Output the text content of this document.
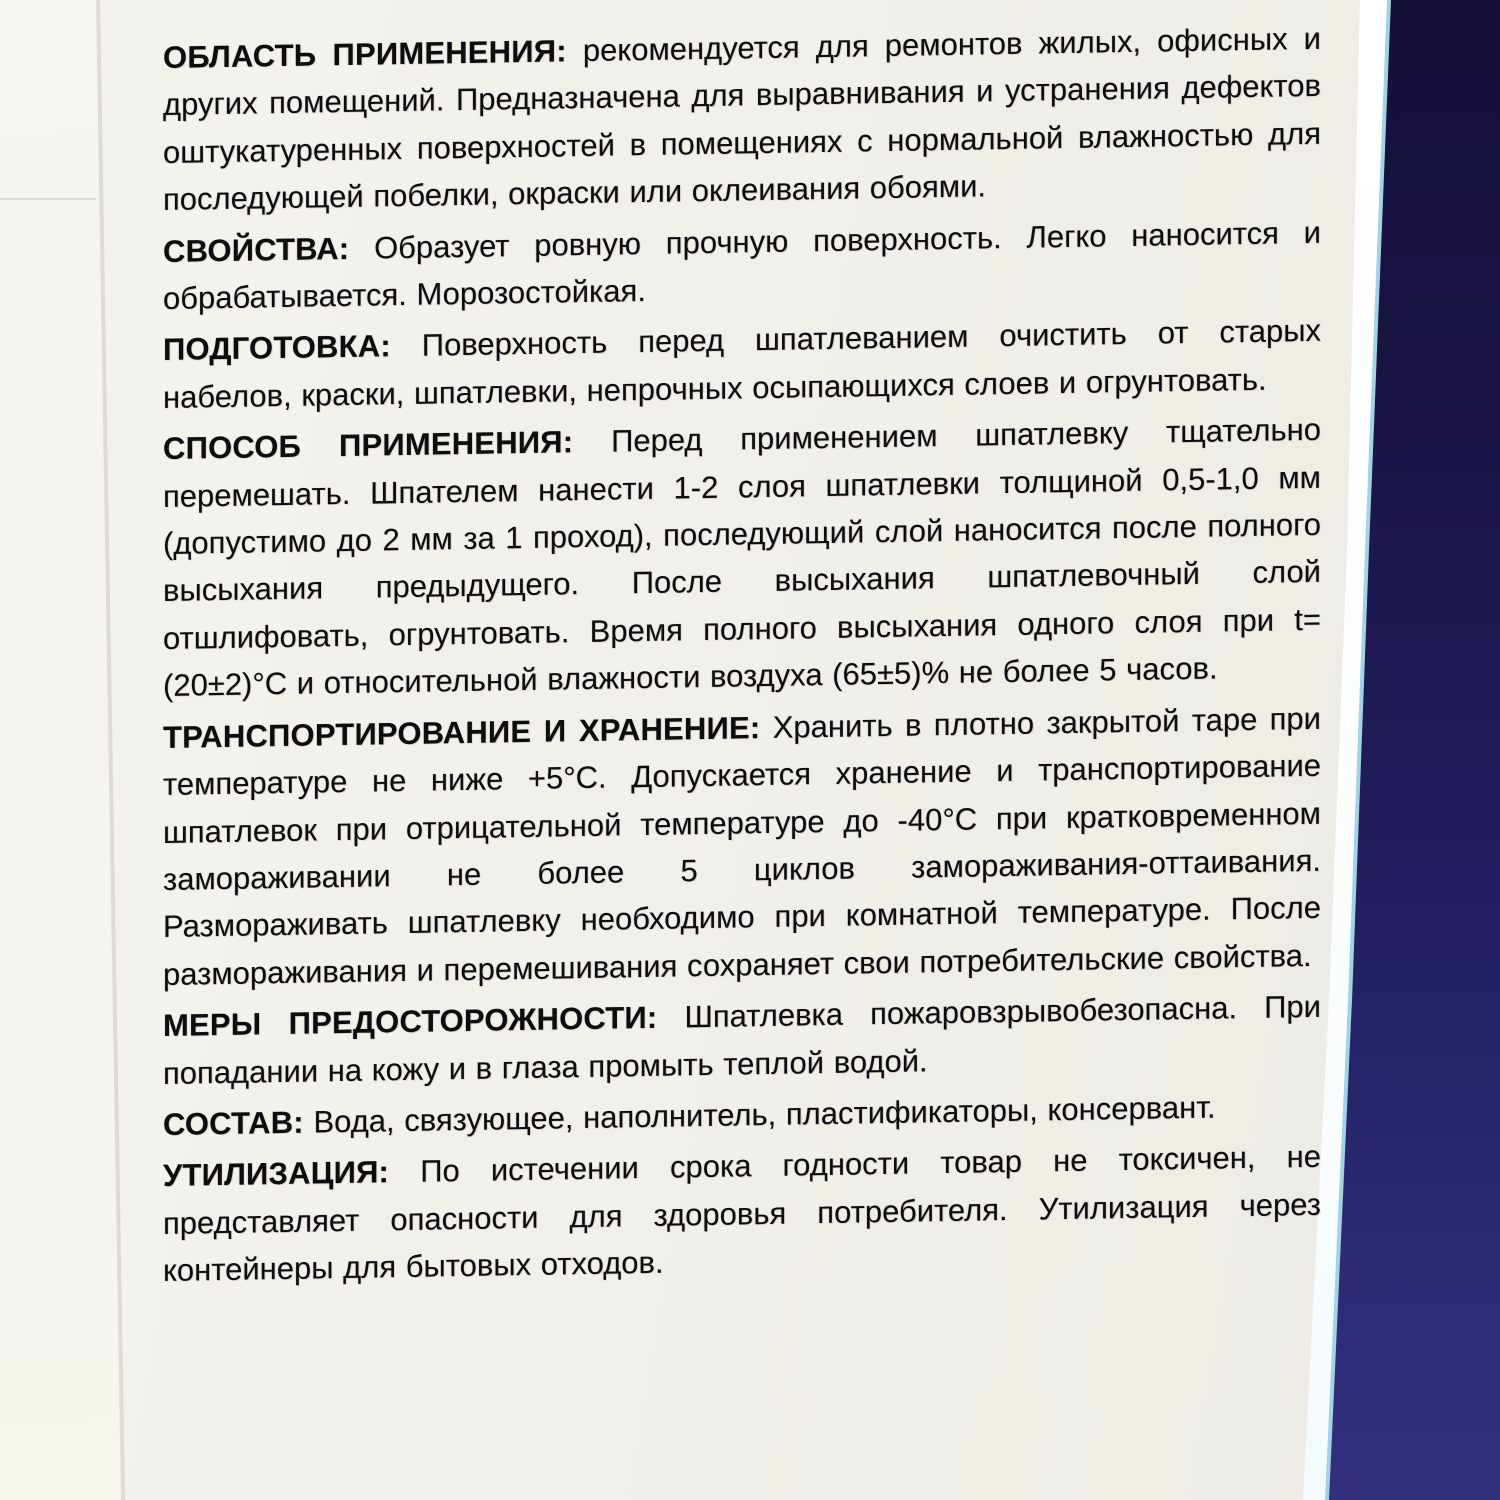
ОБЛАСТЬ ПРИМЕНЕНИЯ: рекомендуется для ремонтов жилых, офисных и других помещений. Предназначена для выравнивания и устранения дефектов оштукатуренных поверхностей в помещениях с нормальной влажностью для последующей побелки, окраски или оклеивания обоями.

СВОЙСТВА: Образует ровную прочную поверхность. Легко наносится и обрабатывается. Морозостойкая.

ПОДГОТОВКА: Поверхность перед шпатлеванием очистить от старых набелов, краски, шпатлевки, непрочных осыпающихся слоев и огрунтовать.

СПОСОБ ПРИМЕНЕНИЯ: Перед применением шпатлевку тщательно перемешать. Шпателем нанести 1-2 слоя шпатлевки толщиной 0,5-1,0 мм (допустимо до 2 мм за 1 проход), последующий слой наносится после полного высыхания предыдущего. После высыхания шпатлевочный слой отшлифовать, огрунтовать. Время полного высыхания одного слоя при t=(20±2)°С и относительной влажности воздуха (65±5)% не более 5 часов.

ТРАНСПОРТИРОВАНИЕ И ХРАНЕНИЕ: Хранить в плотно закрытой таре при температуре не ниже +5°С. Допускается хранение и транспортирование шпатлевок при отрицательной температуре до -40°С при кратковременном замораживании не более 5 циклов замораживания-оттаивания. Размораживать шпатлевку необходимо при комнатной температуре. После размораживания и перемешивания сохраняет свои потребительские свойства.

МЕРЫ ПРЕДОСТОРОЖНОСТИ: Шпатлевка пожаровзрывобезопасна. При попадании на кожу и в глаза промыть теплой водой.

СОСТАВ: Вода, связующее, наполнитель, пластификаторы, консервант.

УТИЛИЗАЦИЯ: По истечении срока годности товар не токсичен, не представляет опасности для здоровья потребителя. Утилизация через контейнеры для бытовых отходов.
